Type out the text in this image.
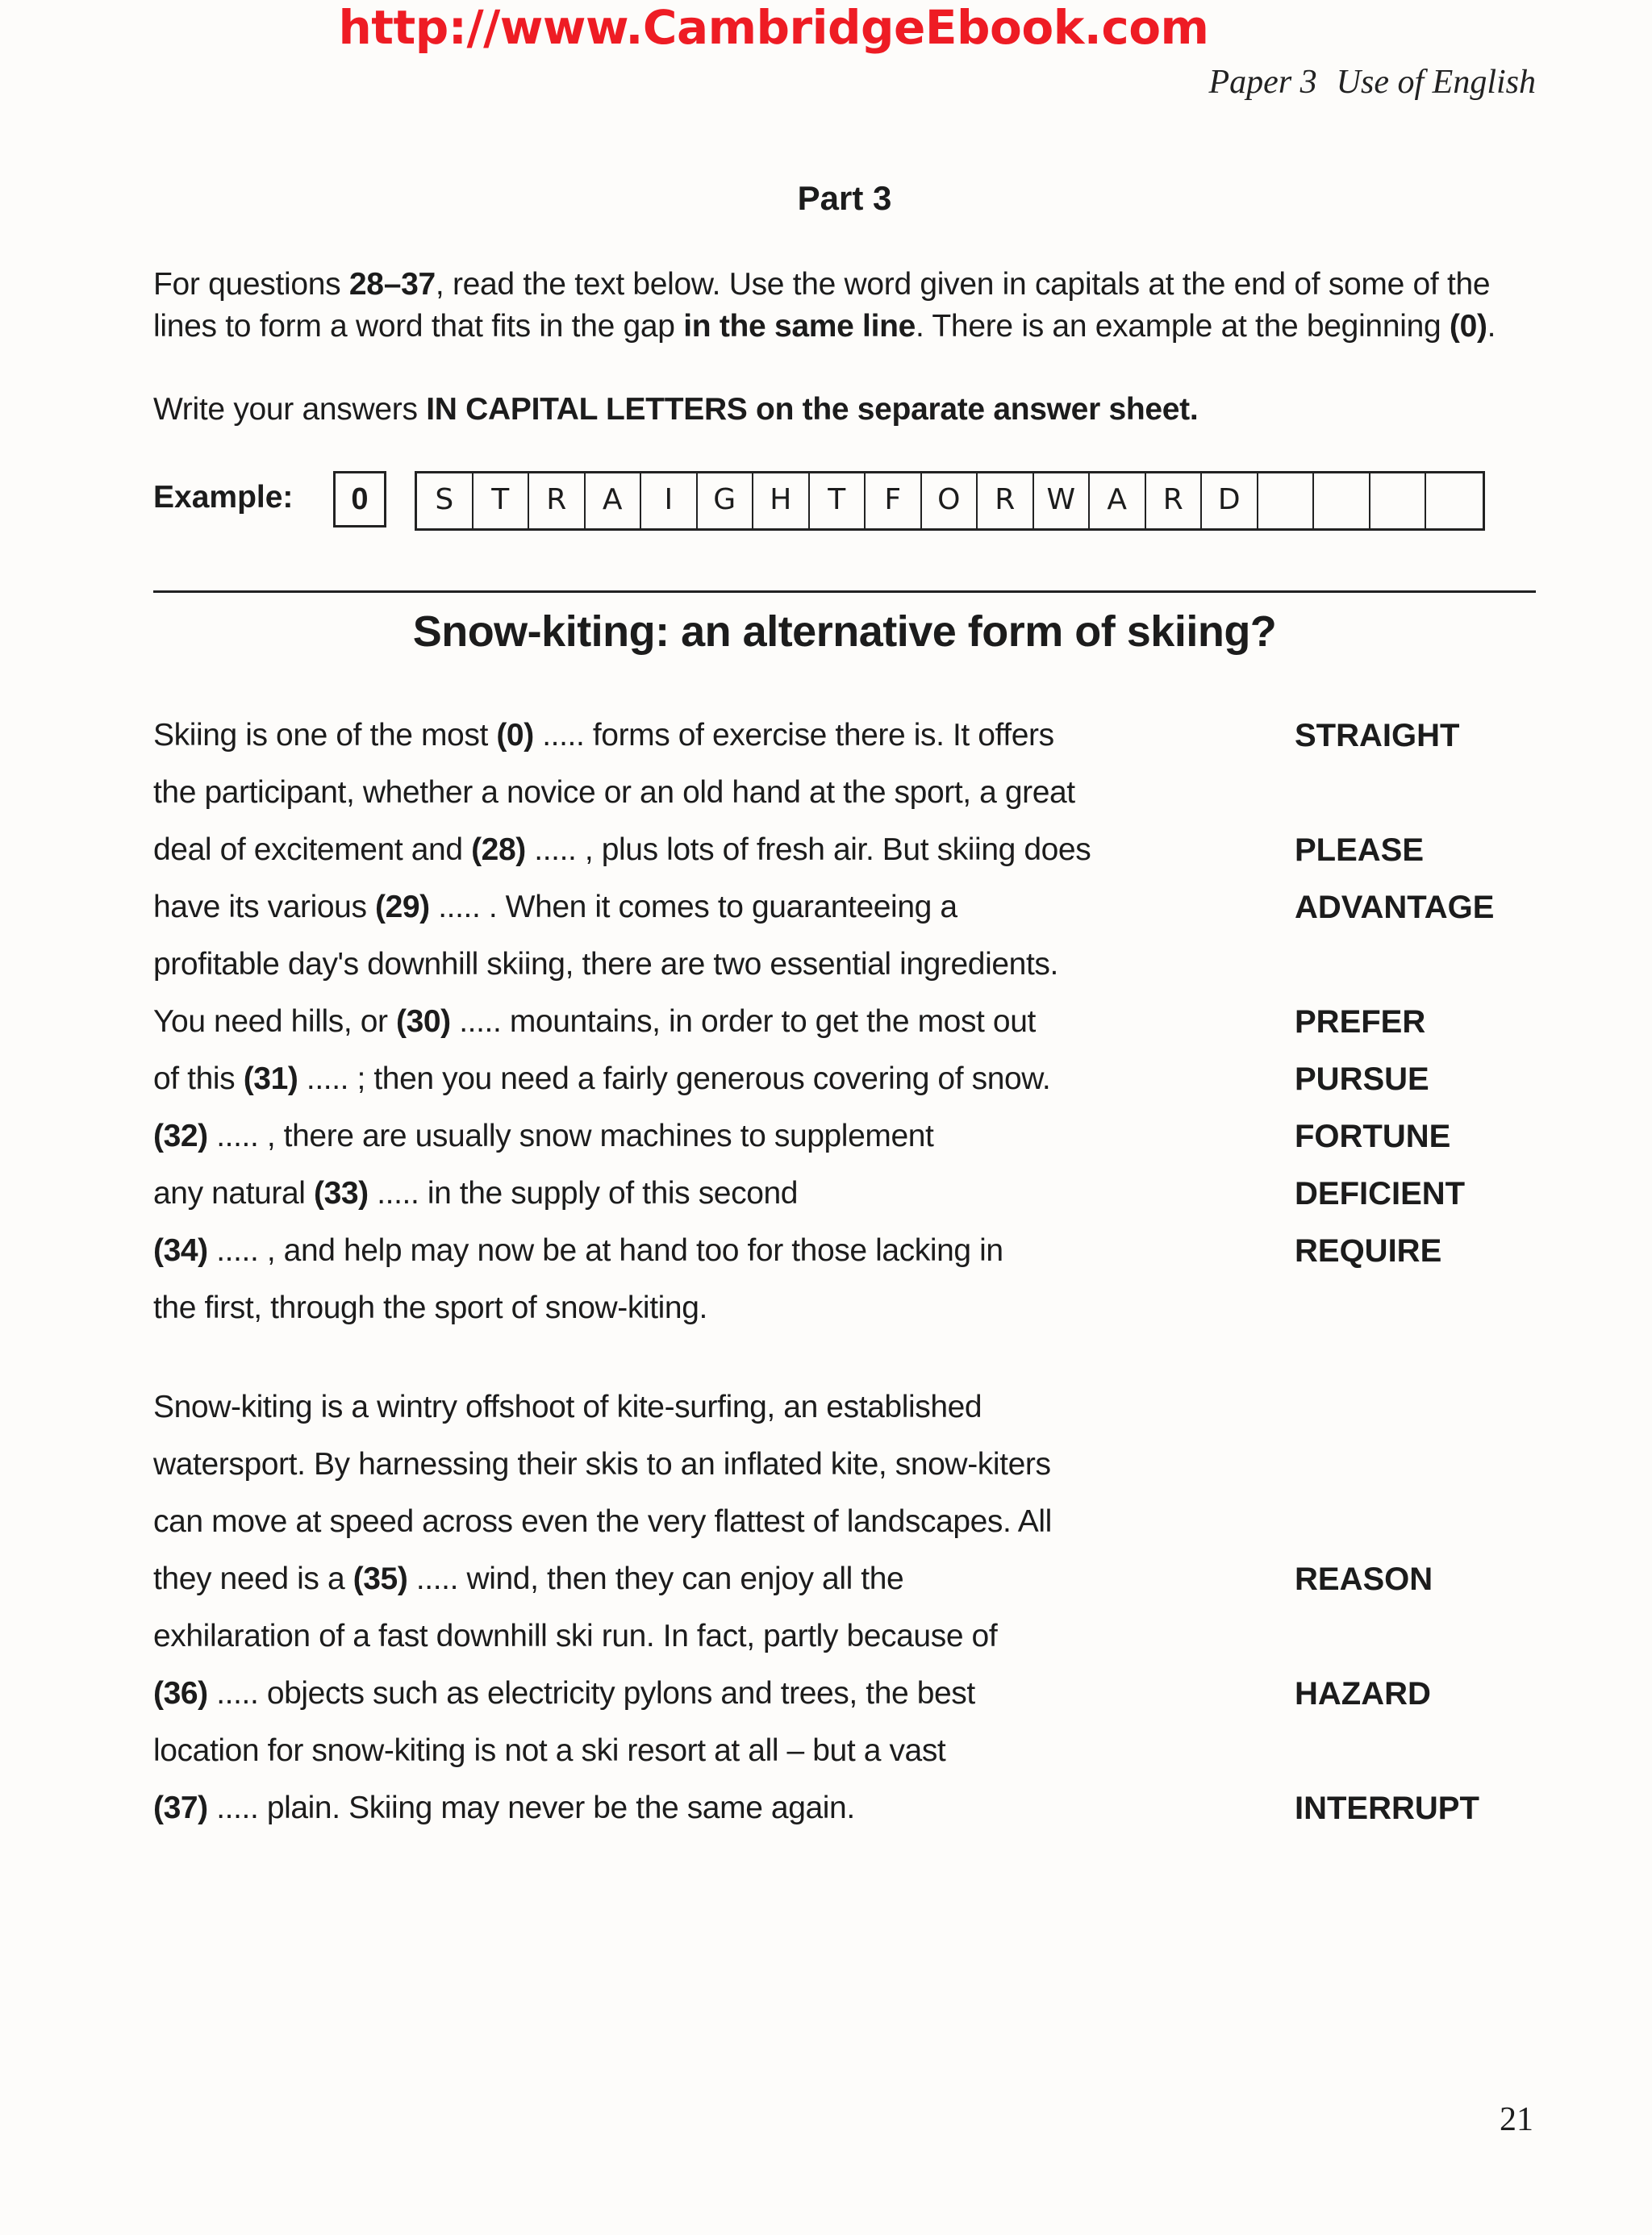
http://www.CambridgeEbook.com
Paper 3 Use of English
Part 3
For questions 28–37, read the text below. Use the word given in capitals at the end of some of the lines to form a word that fits in the gap in the same line. There is an example at the beginning (0).
Write your answers IN CAPITAL LETTERS on the separate answer sheet.
Example:	0	S	T	R	A	I	G	H	T	F	O	R	W	A	R	D
Snow-kiting: an alternative form of skiing?
Skiing is one of the most (0) ..... forms of exercise there is. It offers	STRAIGHT
the participant, whether a novice or an old hand at the sport, a great
deal of excitement and (28) ..... , plus lots of fresh air. But skiing does	PLEASE
have its various (29) ..... . When it comes to guaranteeing a	ADVANTAGE
profitable day's downhill skiing, there are two essential ingredients.
You need hills, or (30) ..... mountains, in order to get the most out	PREFER
of this (31) ..... ; then you need a fairly generous covering of snow.	PURSUE
(32) ..... , there are usually snow machines to supplement	FORTUNE
any natural (33) ..... in the supply of this second	DEFICIENT
(34) ..... , and help may now be at hand too for those lacking in	REQUIRE
the first, through the sport of snow-kiting.
Snow-kiting is a wintry offshoot of kite-surfing, an established
watersport. By harnessing their skis to an inflated kite, snow-kiters
can move at speed across even the very flattest of landscapes. All
they need is a (35) ..... wind, then they can enjoy all the	REASON
exhilaration of a fast downhill ski run. In fact, partly because of
(36) ..... objects such as electricity pylons and trees, the best	HAZARD
location for snow-kiting is not a ski resort at all – but a vast
(37) ..... plain. Skiing may never be the same again.	INTERRUPT
21
